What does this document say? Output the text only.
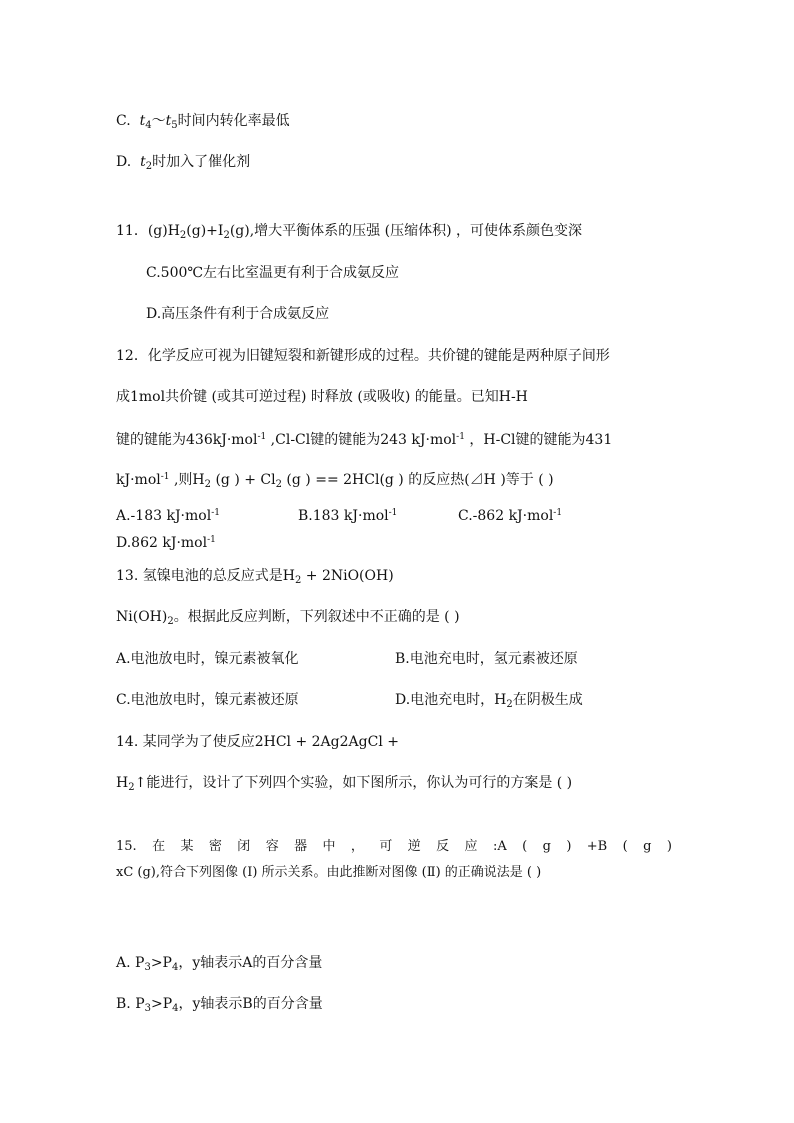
C. $t_4\sim t_5$时间内转化率最低
D. $t_2$时加入了催化剂
11．$(g)H_2(g)+I_2(g)$,增大平衡体系的压强 (压缩体积) ，可使体系颜色变深
C.500℃左右比室温更有利于合成氨反应
D.高压条件有利于合成氨反应
12．化学反应可视为旧键短裂和新键形成的过程。共价键的键能是两种原子间形
成1mol共价键 (或其可逆过程) 时释放 (或吸收) 的能量。已知H-H
键的键能为436kJ·mol$^{-1}$ ,Cl-Cl键的键能为243 kJ·mol$^{-1}$ ，H-Cl键的键能为431
kJ·mol$^{-1}$ ,则$H_2$ (g ) + $Cl_2$ (g ) == 2HCl(g ) 的反应热(⊿H )等于 ( )
A.-183 kJ·mol$^{-1}$	B.183 kJ·mol$^{-1}$	C.-862 kJ·mol$^{-1}$
D.862 kJ·mol$^{-1}$
13. 氢镍电池的总反应式是$H_2 + 2NiO(OH)$
$Ni(OH)_2$。根据此反应判断，下列叙述中不正确的是 ( )
A.电池放电时，镍元素被氧化	B.电池充电时，氢元素被还原
C.电池放电时，镍元素被还原	D.电池充电时，$H_2$在阴极生成
14. 某同学为了使反应2HCl + 2Ag2AgCl +
$H_2↑$能进行，设计了下列四个实验，如下图所示，你认为可行的方案是 ( )
15. 在 某 密 闭 容 器 中 ， 可 逆 反 应 :A ( g ) +B ( g )
xC (g),符合下列图像 (Ⅰ) 所示关系。由此推断对图像 (Ⅱ) 的正确说法是 ( )
A. $P_3>P_4$，y轴表示A的百分含量
B. $P_3>P_4$，y轴表示B的百分含量
